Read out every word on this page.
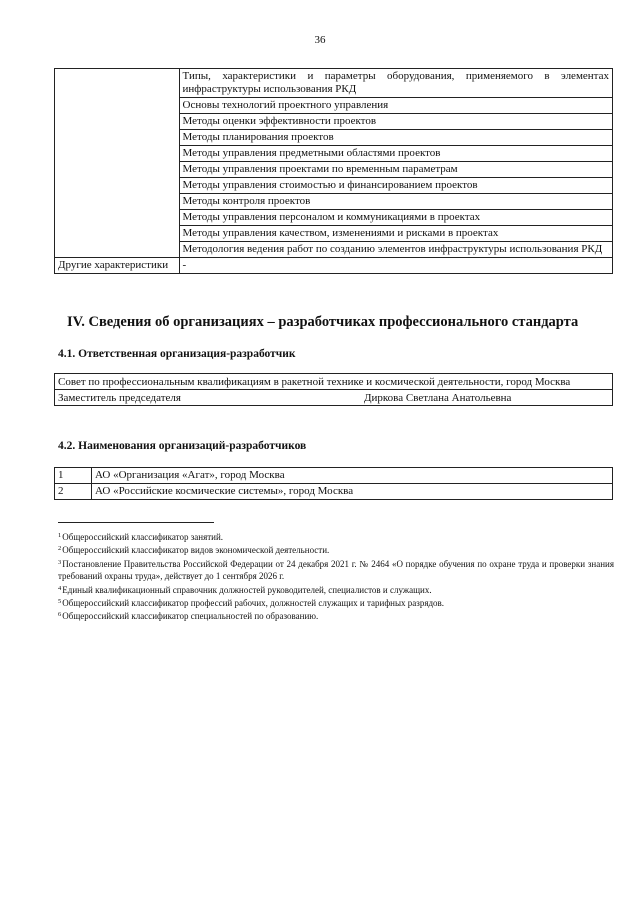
36
	Типы, характеристики и параметры оборудования, применяемого в элементах инфраструктуры использования РКД
	Основы технологий проектного управления
	Методы оценки эффективности проектов
	Методы планирования проектов
	Методы управления предметными областями проектов
	Методы управления проектами по временным параметрам
	Методы управления стоимостью и финансированием проектов
	Методы контроля проектов
	Методы управления персоналом и коммуникациями в проектах
	Методы управления качеством, изменениями и рисками в проектах
	Методология ведения работ по созданию элементов инфраструктуры использования РКД
Другие характеристики	-
IV. Сведения об организациях – разработчиках профессионального стандарта
4.1. Ответственная организация-разработчик
Совет по профессиональным квалификациям в ракетной технике и космической деятельности, город Москва
Заместитель председателя	Диркова Светлана Анатольевна
4.2. Наименования организаций-разработчиков
1	АО «Организация «Агат», город Москва
2	АО «Российские космические системы», город Москва
$^1$Общероссийский классификатор занятий.
$^2$Общероссийский классификатор видов экономической деятельности.
$^3$Постановление Правительства Российской Федерации от 24 декабря 2021 г. № 2464 «О порядке обучения по охране труда и проверки знания требований охраны труда», действует до 1 сентября 2026 г.
$^4$Единый квалификационный справочник должностей руководителей, специалистов и служащих.
$^5$Общероссийский классификатор профессий рабочих, должностей служащих и тарифных разрядов.
$^6$Общероссийский классификатор специальностей по образованию.
